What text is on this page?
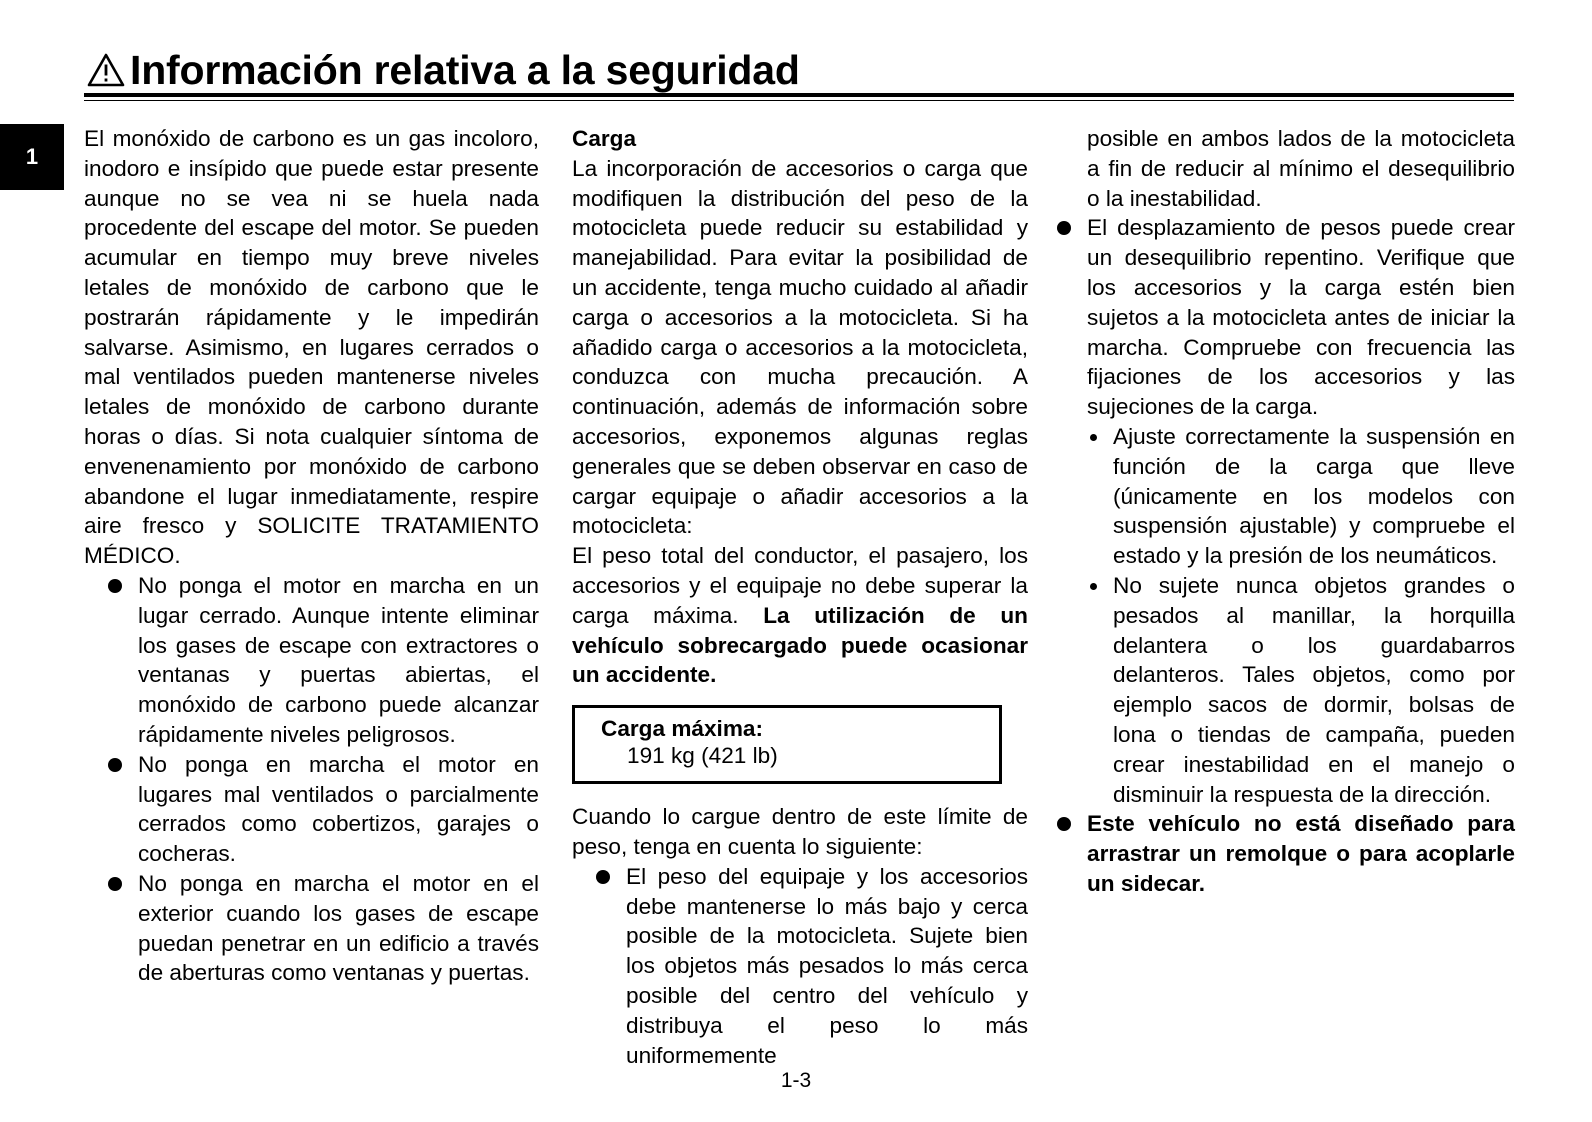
Información relativa a la seguridad
1

El monóxido de carbono es un gas incoloro, inodoro e insípido que puede estar presente aunque no se vea ni se huela nada procedente del escape del motor. Se pueden acumular en tiempo muy breve niveles letales de monóxido de carbono que le postrarán rápidamente y le impedirán salvarse. Asimismo, en lugares cerrados o mal ventilados pueden mantenerse niveles letales de monóxido de carbono durante horas o días. Si nota cualquier síntoma de envenenamiento por monóxido de carbono abandone el lugar inmediatamente, respire aire fresco y SOLICITE TRATAMIENTO MÉDICO.

No ponga el motor en marcha en un lugar cerrado. Aunque intente eliminar los gases de escape con extractores o ventanas y puertas abiertas, el monóxido de carbono puede alcanzar rápidamente niveles peligrosos.
No ponga en marcha el motor en lugares mal ventilados o parcialmente cerrados como cobertizos, garajes o cocheras.
No ponga en marcha el motor en el exterior cuando los gases de escape puedan penetrar en un edificio a través de aberturas como ventanas y puertas.

Carga

La incorporación de accesorios o carga que modifiquen la distribución del peso de la motocicleta puede reducir su estabilidad y manejabilidad. Para evitar la posibilidad de un accidente, tenga mucho cuidado al añadir carga o accesorios a la motocicleta. Si ha añadido carga o accesorios a la motocicleta, conduzca con mucha precaución. A continuación, además de información sobre accesorios, exponemos algunas reglas generales que se deben observar en caso de cargar equipaje o añadir accesorios a la motocicleta:

El peso total del conductor, el pasajero, los accesorios y el equipaje no debe superar la carga máxima. La utilización de un vehículo sobrecargado puede ocasionar un accidente.

Carga máxima:
191 kg (421 lb)

Cuando lo cargue dentro de este límite de peso, tenga en cuenta lo siguiente:

El peso del equipaje y los accesorios debe mantenerse lo más bajo y cerca posible de la motocicleta. Sujete bien los objetos más pesados lo más cerca posible del centro del vehículo y distribuya el peso lo más uniformemente

posible en ambos lados de la motocicleta a fin de reducir al mínimo el desequilibrio o la inestabilidad.

El desplazamiento de pesos puede crear un desequilibrio repentino. Verifique que los accesorios y la carga estén bien sujetos a la motocicleta antes de iniciar la marcha. Compruebe con frecuencia las fijaciones de los accesorios y las sujeciones de la carga.
Ajuste correctamente la suspensión en función de la carga que lleve (únicamente en los modelos con suspensión ajustable) y compruebe el estado y la presión de los neumáticos.
No sujete nunca objetos grandes o pesados al manillar, la horquilla delantera o los guardabarros delanteros. Tales objetos, como por ejemplo sacos de dormir, bolsas de lona o tiendas de campaña, pueden crear inestabilidad en el manejo o disminuir la respuesta de la dirección.
Este vehículo no está diseñado para arrastrar un remolque o para acoplarle un sidecar.
1-3
